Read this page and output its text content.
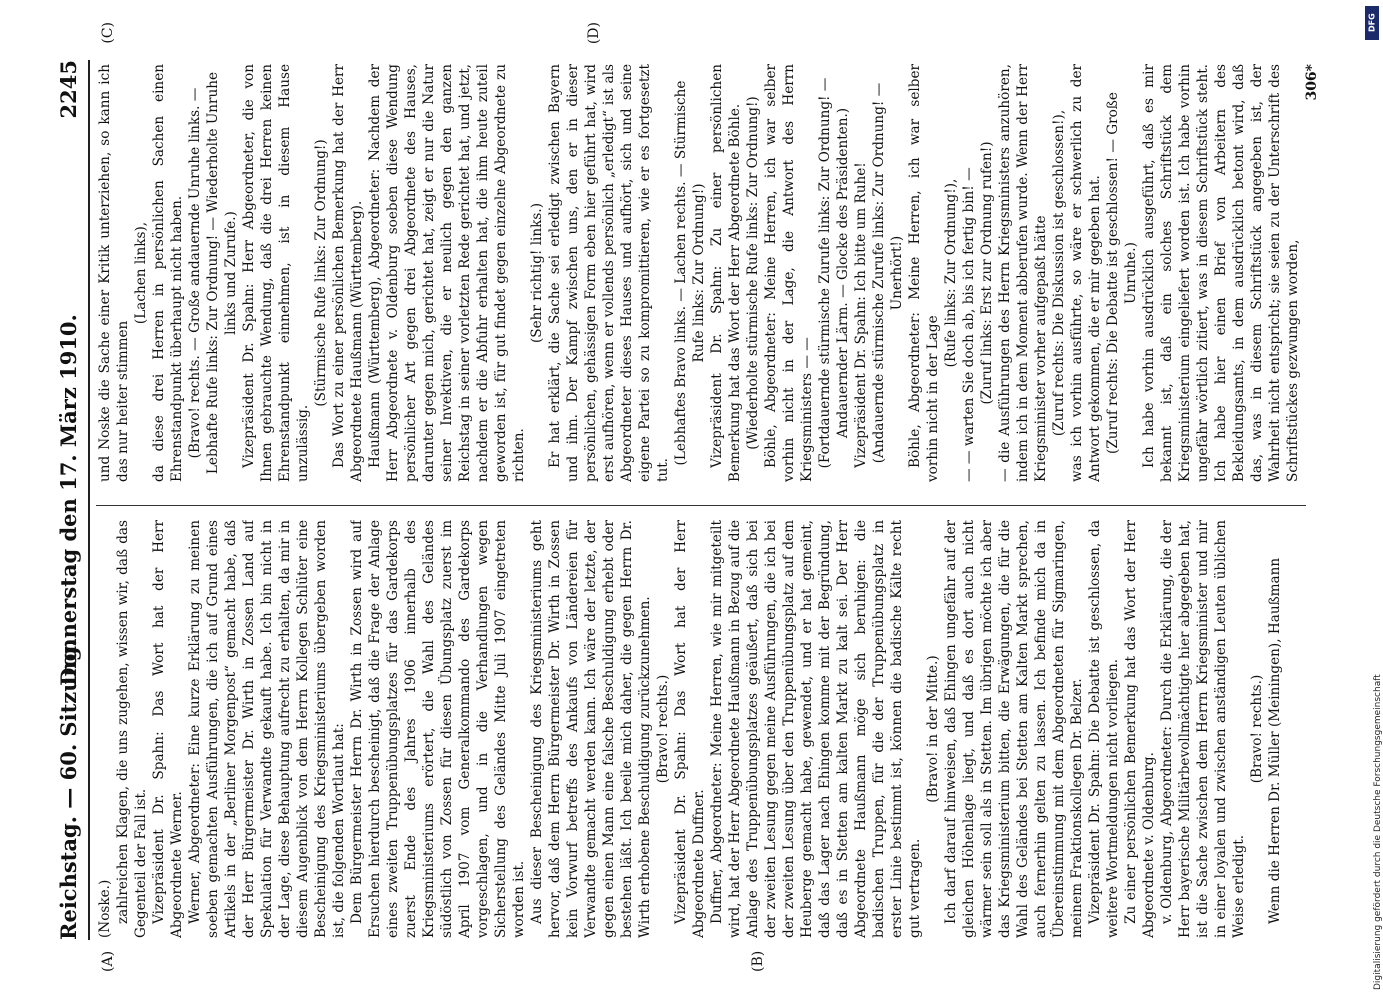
Reichstag. — 60. Sitzung.
Donnerstag den 17. März 1910.
2245
(A)	(B)
(C)	(D)

(Noske.) zahlreichen Klagen, die uns zugehen, wissen wir, daß das Gegenteil der Fall ist. Vizepräsident Dr. Spahn: Das Wort hat der Herr Abgeordnete Werner. Werner, Abgeordneter: Eine kurze Erklärung zu meinen soeben gemachten Ausführungen, die ich auf Grund eines Artikels in der „Berliner Morgenpost“ gemacht habe, daß der Herr Bürgermeister Dr. Wirth in Zossen Land auf Spekulation für Verwandte gekauft habe. Ich bin nicht in der Lage, diese Behauptung aufrecht zu erhalten, da mir in diesem Augenblick von dem Herrn Kollegen Schlüter eine Bescheinigung des Kriegsministeriums übergeben worden ist, die folgenden Wortlaut hat: Dem Bürgermeister Herrn Dr. Wirth in Zossen wird auf Ersuchen hierdurch bescheinigt, daß die Frage der Anlage eines zweiten Truppenübungsplatzes für das Gardekorps zuerst Ende des Jahres 1906 innerhalb des Kriegsministeriums erörtert, die Wahl des Geländes südöstlich von Zossen für diesen Übungsplatz zuerst im April 1907 vom Generalkommando des Gardekorps vorgeschlagen, und in die Verhandlungen wegen Sicherstellung des Geländes Mitte Juli 1907 eingetreten worden ist. Aus dieser Bescheinigung des Kriegsministeriums geht hervor, daß dem Herrn Bürgermeister Dr. Wirth in Zossen kein Vorwurf betreffs des Ankaufs von Ländereien für Verwandte gemacht werden kann. Ich wäre der letzte, der gegen einen Mann eine falsche Beschuldigung erhebt oder bestehen läßt. Ich beeile mich daher, die gegen Herrn Dr. Wirth erhobene Beschuldigung zurückzunehmen. (Bravo! rechts.) Vizepräsident Dr. Spahn: Das Wort hat der Herr Abgeordnete Duffner. Duffner, Abgeordneter: Meine Herren, wie mir mitgeteilt wird, hat der Herr Abgeordnete Haußmann in Bezug auf die Anlage des Truppenübungsplatzes geäußert, daß sich bei der zweiten Lesung gegen meine Ausführungen, die ich bei der zweiten Lesung über den Truppenübungsplatz auf dem Heuberge gemacht habe, gewendet, und er hat gemeint, daß das Lager nach Ehingen komme mit der Begründung, daß es in Stetten am kalten Markt zu kalt sei. Der Herr Abgeordnete Haußmann möge sich beruhigen: die badischen Truppen, für die der Truppenübungsplatz in erster Linie bestimmt ist, können die badische Kälte recht gut vertragen.

(Bravo! in der Mitte.) Ich darf darauf hinweisen, daß Ehingen ungefähr auf der gleichen Höhenlage liegt, und daß es dort auch nicht wärmer sein soll als in Stetten. Im übrigen möchte ich aber das Kriegsministerium bitten, die Erwägungen, die für die Wahl des Geländes bei Stetten am Kalten Markt sprechen, auch fernerhin gelten zu lassen. Ich befinde mich da in Übereinstimmung mit dem Abgeordneten für Sigmaringen, meinem Fraktionskollegen Dr. Belzer. Vizepräsident Dr. Spahn: Die Debatte ist geschlossen, da weitere Wortmeldungen nicht vorliegen. Zu einer persönlichen Bemerkung hat das Wort der Herr Abgeordnete v. Oldenburg. v. Oldenburg, Abgeordneter: Durch die Erklärung, die der Herr bayerische Militärbevollmächtigte hier abgegeben hat, ist die Sache zwischen dem Herrn Kriegsminister und mir in einer loyalen und zwischen anständigen Leuten üblichen Weise erledigt.

(Bravo! rechts.) Wenn die Herren Dr. Müller (Meiningen), Haußmann

und Noske die Sache einer Kritik unterziehen, so kann ich das nur heiter stimmen

(Lachen links), da diese drei Herren in persönlichen Sachen einen Ehrenstandpunkt überhaupt nicht haben. (Bravo! rechts. — Große andauernde Unruhe links. — Lebhafte Rufe links: Zur Ordnung! — Wiederholte Unruhe links und Zurufe.) Vizepräsident Dr. Spahn: Herr Abgeordneter, die von Ihnen gebrauchte Wendung, daß die drei Herren keinen Ehrenstandpunkt einnehmen, ist in diesem Hause unzulässig.

(Stürmische Rufe links: Zur Ordnung!) Das Wort zu einer persönlichen Bemerkung hat der Herr Abgeordnete Haußmann (Württemberg). Haußmann (Württemberg), Abgeordneter: Nachdem der Herr Abgeordnete v. Oldenburg soeben diese Wendung persönlicher Art gegen drei Abgeordnete des Hauses, darunter gegen mich, gerichtet hat, zeigt er nur die Natur seiner Invektiven, die er neulich gegen den ganzen Reichstag in seiner vorletzten Rede gerichtet hat, und jetzt, nachdem er die Abfuhr erhalten hat, die ihm heute zuteil geworden ist, für gut findet gegen einzelne Abgeordnete zu richten.

(Sehr richtig! links.) Er hat erklärt, die Sache sei erledigt zwischen Bayern und ihm. Der Kampf zwischen uns, den er in dieser persönlichen, gehässigen Form eben hier geführt hat, wird erst aufhören, wenn er vollends persönlich „erledigt“ ist als Abgeordneter dieses Hauses und aufhört, sich und seine eigene Partei so zu kompromittieren, wie er es fortgesetzt tut.

(Lebhaftes Bravo links. — Lachen rechts. — Stürmische Rufe links: Zur Ordnung!) Vizepräsident Dr. Spahn: Zu einer persönlichen Bemerkung hat das Wort der Herr Abgeordnete Böhle. (Wiederholte stürmische Rufe links: Zur Ordnung!) Böhle, Abgeordneter: Meine Herren, ich war selber vorhin nicht in der Lage, die Antwort des Herrn Kriegsministers — — (Fortdauernde stürmische Zurufe links: Zur Ordnung! — Andauernder Lärm. — Glocke des Präsidenten.) Vizepräsident Dr. Spahn: Ich bitte um Ruhe! (Andauernde stürmische Zurufe links: Zur Ordnung! — Unerhört!) Böhle, Abgeordneter: Meine Herren, ich war selber vorhin nicht in der Lage

(Rufe links: Zur Ordnung!), — — warten Sie doch ab, bis ich fertig bin! — (Zuruf links: Erst zur Ordnung rufen!) — die Ausführungen des Herrn Kriegsministers anzuhören, indem ich in dem Moment abberufen wurde. Wenn der Herr Kriegsminister vorher aufgepaßt hätte (Zuruf rechts: Die Diskussion ist geschlossen!), was ich vorhin ausführte, so wäre er schwerlich zu der Antwort gekommen, die er mir gegeben hat. (Zuruf rechts: Die Debatte ist geschlossen! — Große Unruhe.) Ich habe vorhin ausdrücklich ausgeführt, daß es mir bekannt ist, daß ein solches Schriftstück dem Kriegsministerium eingeliefert worden ist. Ich habe vorhin ungefähr wörtlich zitiert, was in diesem Schriftstück steht. Ich habe hier einen Brief von Arbeitern des Bekleidungsamts, in dem ausdrücklich betont wird, daß das, was in diesem Schriftstück angegeben ist, der Wahrheit nicht entspricht; sie seien zu der Unterschrift des Schriftstückes gezwungen worden,

306*
DFG
Digitalisierung gefördert durch die Deutsche Forschungsgemeinschaft
